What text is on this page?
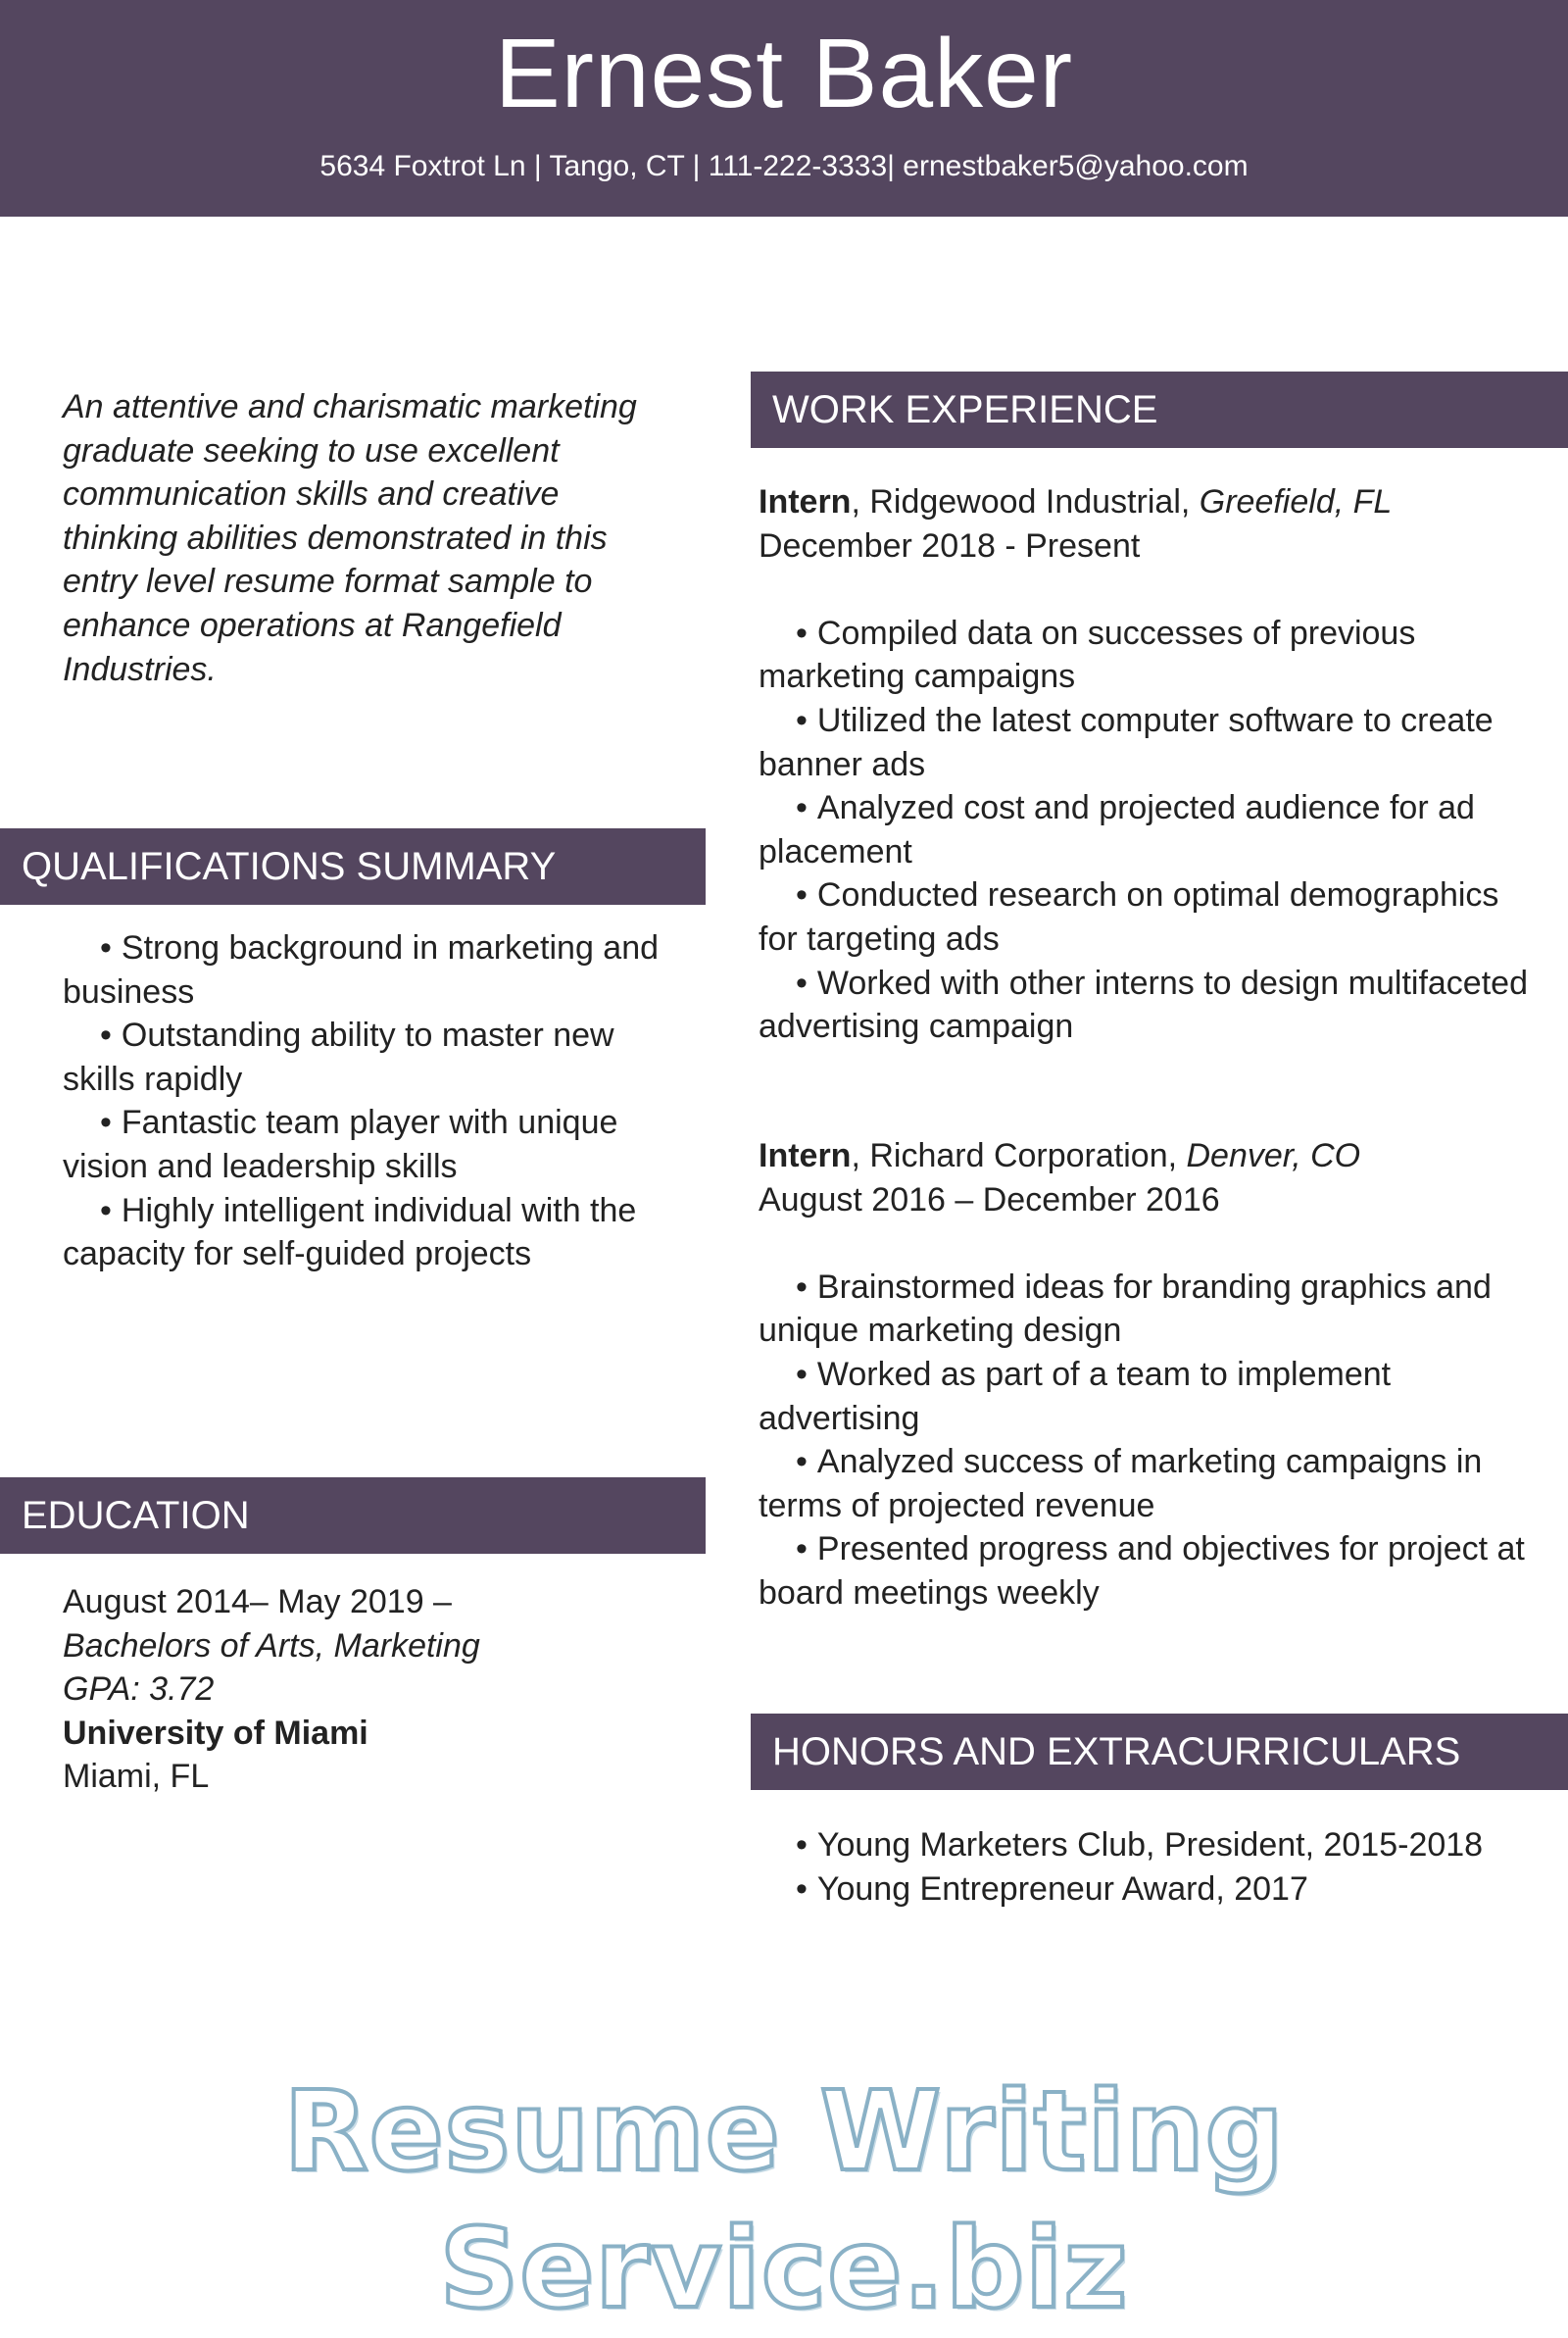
Ernest Baker
5634 Foxtrot Ln | Tango, CT | 111-222-3333| ernestbaker5@yahoo.com
An attentive and charismatic marketing graduate seeking to use excellent communication skills and creative thinking abilities demonstrated in this entry level resume format sample to enhance operations at Rangefield Industries.
QUALIFICATIONS SUMMARY
• Strong background in marketing and business
• Outstanding ability to master new skills rapidly
• Fantastic team player with unique vision and leadership skills
• Highly intelligent individual with the capacity for self-guided projects
EDUCATION
August 2014– May 2019 –
Bachelors of Arts, Marketing
GPA: 3.72
University of Miami
Miami, FL
WORK EXPERIENCE
Intern, Ridgewood Industrial, Greefield, FL
December 2018 - Present
• Compiled data on successes of previous marketing campaigns
• Utilized the latest computer software to create banner ads
• Analyzed cost and projected audience for ad placement
• Conducted research on optimal demographics for targeting ads
• Worked with other interns to design multifaceted advertising campaign
Intern, Richard Corporation, Denver, CO
August 2016 – December 2016
• Brainstormed ideas for branding graphics and unique marketing design
• Worked as part of a team to implement advertising
• Analyzed success of marketing campaigns in terms of projected revenue
• Presented progress and objectives for project at board meetings weekly
HONORS AND EXTRACURRICULARS
• Young Marketers Club, President, 2015-2018
• Young Entrepreneur Award, 2017
Resume Writing Service.biz
